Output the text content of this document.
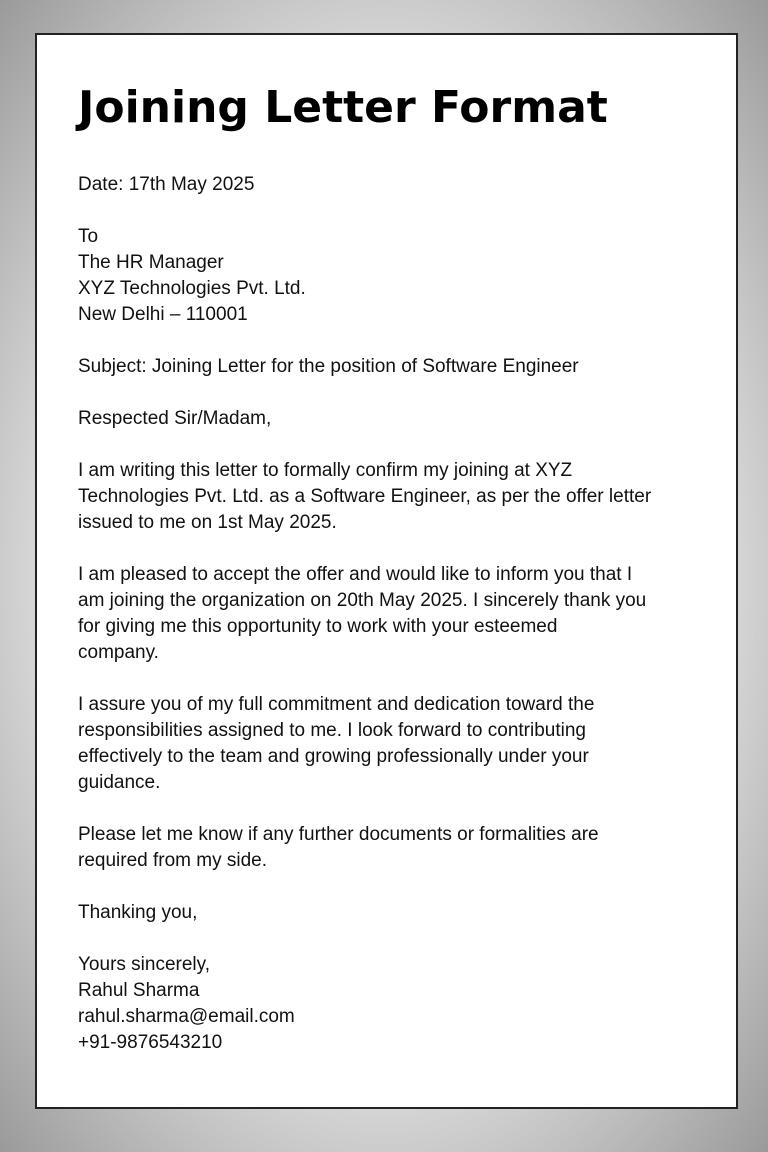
Joining Letter Format
Date: 17th May 2025
To
The HR Manager
XYZ Technologies Pvt. Ltd.
New Delhi – 110001
Subject: Joining Letter for the position of Software Engineer
Respected Sir/Madam,
I am writing this letter to formally confirm my joining at XYZ
Technologies Pvt. Ltd. as a Software Engineer, as per the offer letter
issued to me on 1st May 2025.
I am pleased to accept the offer and would like to inform you that I
am joining the organization on 20th May 2025. I sincerely thank you
for giving me this opportunity to work with your esteemed
company.
I assure you of my full commitment and dedication toward the
responsibilities assigned to me. I look forward to contributing
effectively to the team and growing professionally under your
guidance.
Please let me know if any further documents or formalities are
required from my side.
Thanking you,
Yours sincerely,
Rahul Sharma
rahul.sharma@email.com
+91-9876543210
